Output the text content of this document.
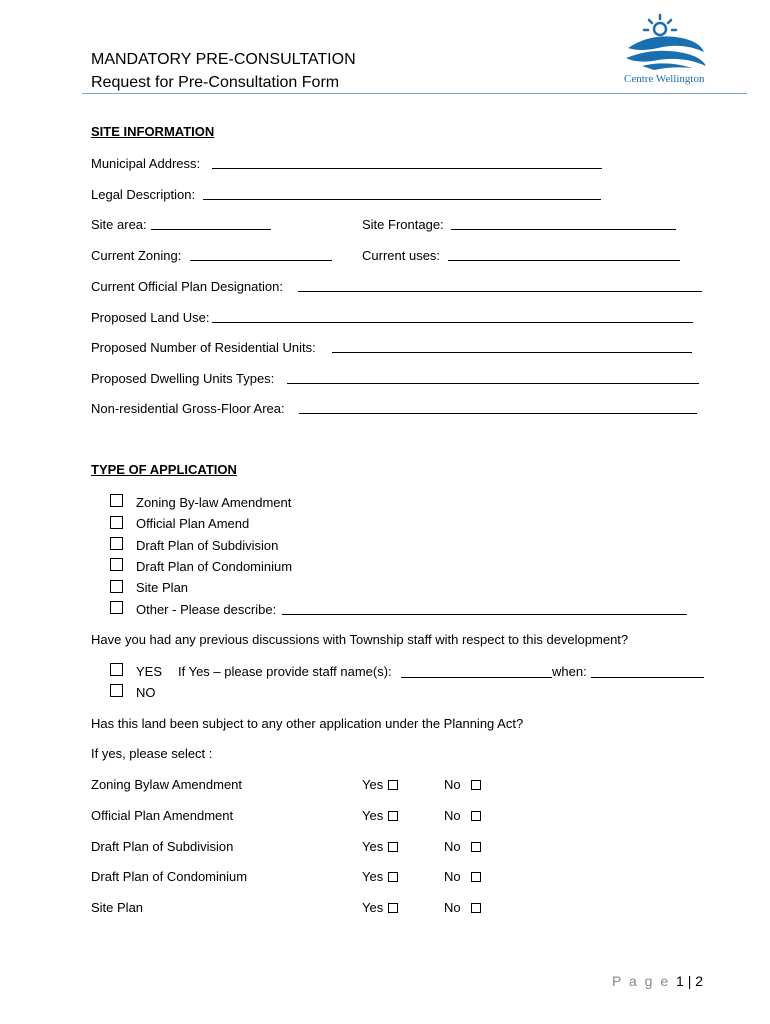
MANDATORY PRE-CONSULTATION
Request for Pre-Consultation Form	Centre Wellington
SITE INFORMATION
Municipal Address:
Legal Description:
Site area:	Site Frontage:
Current Zoning:	Current uses:
Current Official Plan Designation:
Proposed Land Use:
Proposed Number of Residential Units:
Proposed Dwelling Units Types:
Non-residential Gross-Floor Area:
TYPE OF APPLICATION
Zoning By-law Amendment
Official Plan Amend
Draft Plan of Subdivision
Draft Plan of Condominium
Site Plan
Other - Please describe:
Have you had any previous discussions with Township staff with respect to this development?
YES If Yes – please provide staff name(s):	when:
NO
Has this land been subject to any other application under the Planning Act?
If yes, please select :
Zoning Bylaw Amendment	Yes	No
Official Plan Amendment	Yes	No
Draft Plan of Subdivision	Yes	No
Draft Plan of Condominium	Yes	No
Site Plan	Yes	No
P a g e 1 | 2
